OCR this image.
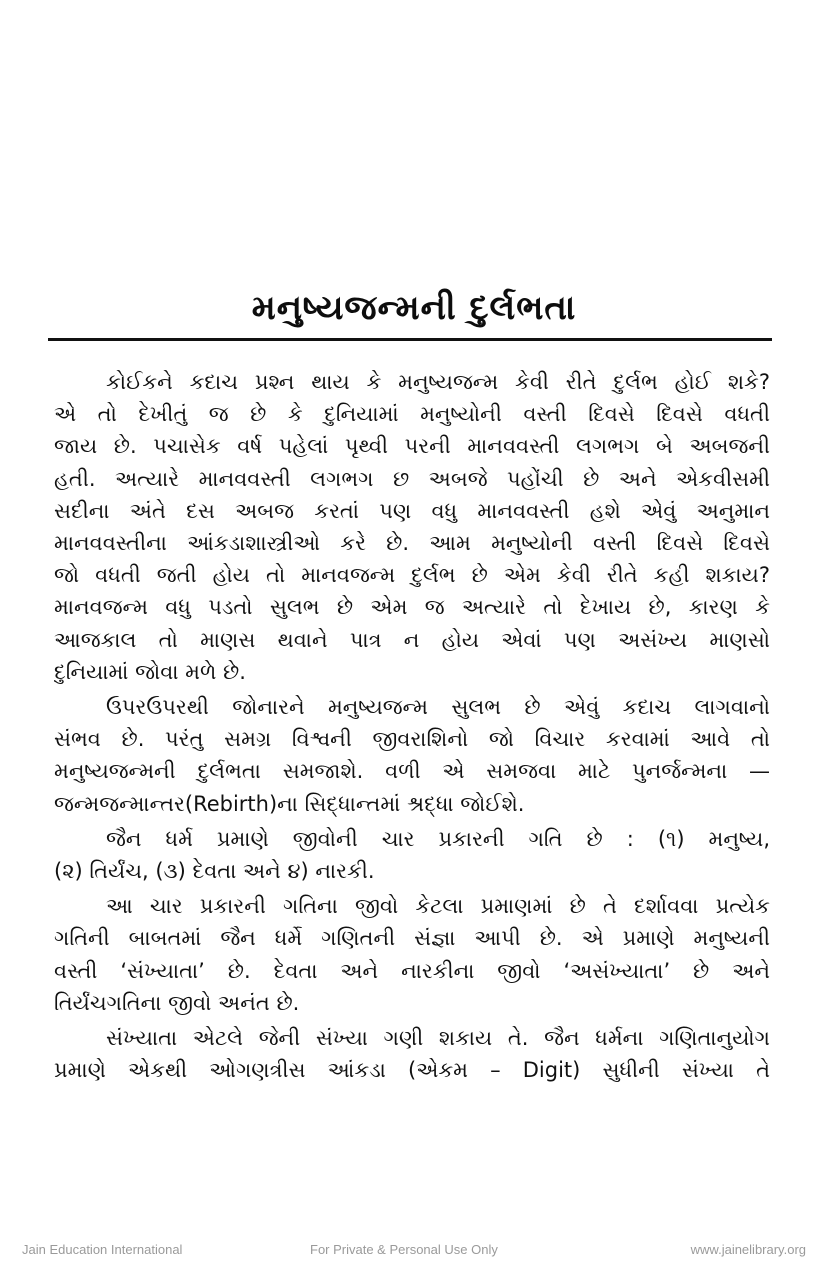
મનુષ્યજન્મની દુર્લભતા
કોઈકને કદાચ પ્રશ્ન થાય કે મનુષ્યજન્મ કેવી રીતે દુર્લભ હોઈ શકે?
એ તો દેખીતું જ છે કે દુનિયામાં મનુષ્યોની વસ્તી દિવસે દિવસે વધતી
જાય છે. પચાસેક વર્ષ પહેલાં પૃથ્વી પરની માનવવસ્તી લગભગ બે અબજની
હતી. અત્યારે માનવવસ્તી લગભગ છ અબજે પહોંચી છે અને એકવીસમી
સદીના અંતે દસ અબજ કરતાં પણ વધુ માનવવસ્તી હશે એવું અનુમાન
માનવવસ્તીના આંકડાશાસ્ત્રીઓ કરે છે. આમ મનુષ્યોની વસ્તી દિવસે દિવસે
જો વધતી જતી હોય તો માનવજન્મ દુર્લભ છે એમ કેવી રીતે કહી શકાય?
માનવજન્મ વધુ પડતો સુલભ છે એમ જ અત્યારે તો દેખાય છે, કારણ કે
આજકાલ તો માણસ થવાને પાત્ર ન હોય એવાં પણ અસંખ્ય માણસો
દુનિયામાં જોવા મળે છે.
ઉપરઉપરથી જોનારને મનુષ્યજન્મ સુલભ છે એવું કદાચ લાગવાનો
સંભવ છે. પરંતુ સમગ્ર વિશ્વની જીવરાશિનો જો વિચાર કરવામાં આવે તો
મનુષ્યજન્મની દુર્લભતા સમજાશે. વળી એ સમજવા માટે પુનર્જન્મના —
જન્મજન્માન્તર(Rebirth)ના સિદ્ધાન્તમાં શ્રદ્ધા જોઈશે.
જૈન ધર્મ પ્રમાણે જીવોની ચાર પ્રકારની ગતિ છે : (૧) મનુષ્ય,
(૨) તિર્યંચ, (૩) દેવતા અને ૪) નારકી.
આ ચાર પ્રકારની ગતિના જીવો કેટલા પ્રમાણમાં છે તે દર્શાવવા પ્રત્યેક
ગતિની બાબતમાં જૈન ધર્મે ગણિતની સંજ્ઞા આપી છે. એ પ્રમાણે મનુષ્યની
વસ્તી ‘સંખ્યાતા’ છે. દેવતા અને નારકીના જીવો ‘અસંખ્યાતા’ છે અને
તિર્યંચગતિના જીવો અનંત છે.
સંખ્યાતા એટલે જેની સંખ્યા ગણી શકાય તે. જૈન ધર્મના ગણિતાનુયોગ
પ્રમાણે એકથી ઓગણત્રીસ આંકડા (એકમ – Digit) સુધીની સંખ્યા તે
Jain Education International	For Private & Personal Use Only	www.jainelibrary.org
